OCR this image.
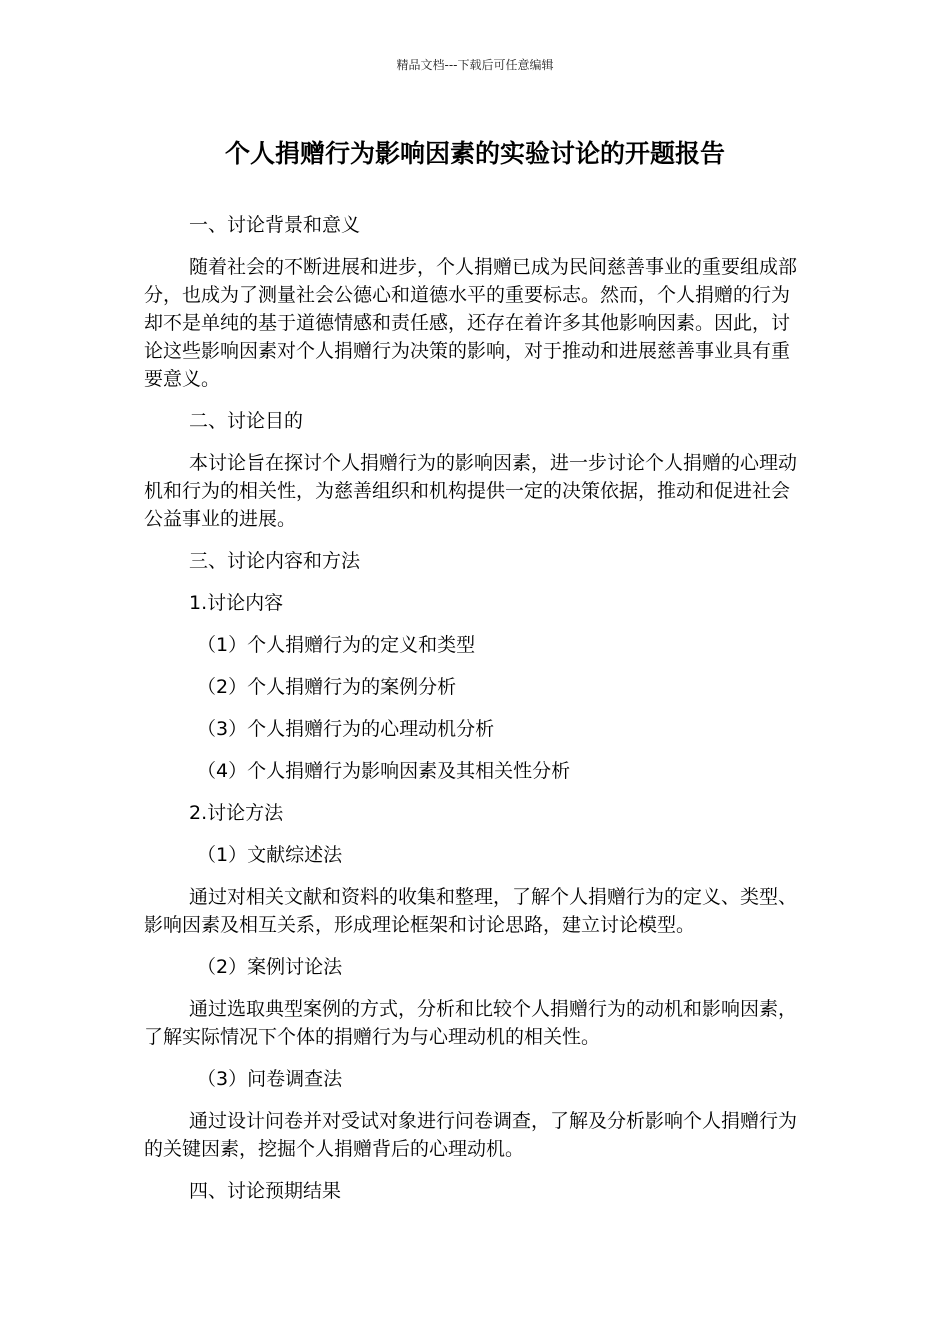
精品文档---下载后可任意编辑
个人捐赠行为影响因素的实验讨论的开题报告

一、讨论背景和意义

随着社会的不断进展和进步，个人捐赠已成为民间慈善事业的重要组成部分，也成为了测量社会公德心和道德水平的重要标志。然而，个人捐赠的行为却不是单纯的基于道德情感和责任感，还存在着许多其他影响因素。因此，讨论这些影响因素对个人捐赠行为决策的影响，对于推动和进展慈善事业具有重要意义。

二、讨论目的

本讨论旨在探讨个人捐赠行为的影响因素，进一步讨论个人捐赠的心理动机和行为的相关性，为慈善组织和机构提供一定的决策依据，推动和促进社会公益事业的进展。

三、讨论内容和方法

1.讨论内容

（1）个人捐赠行为的定义和类型

（2）个人捐赠行为的案例分析

（3）个人捐赠行为的心理动机分析

（4）个人捐赠行为影响因素及其相关性分析

2.讨论方法

（1）文献综述法

通过对相关文献和资料的收集和整理，了解个人捐赠行为的定义、类型、影响因素及相互关系，形成理论框架和讨论思路，建立讨论模型。

（2）案例讨论法

通过选取典型案例的方式，分析和比较个人捐赠行为的动机和影响因素，了解实际情况下个体的捐赠行为与心理动机的相关性。

（3）问卷调查法

通过设计问卷并对受试对象进行问卷调查，了解及分析影响个人捐赠行为的关键因素，挖掘个人捐赠背后的心理动机。

四、讨论预期结果
